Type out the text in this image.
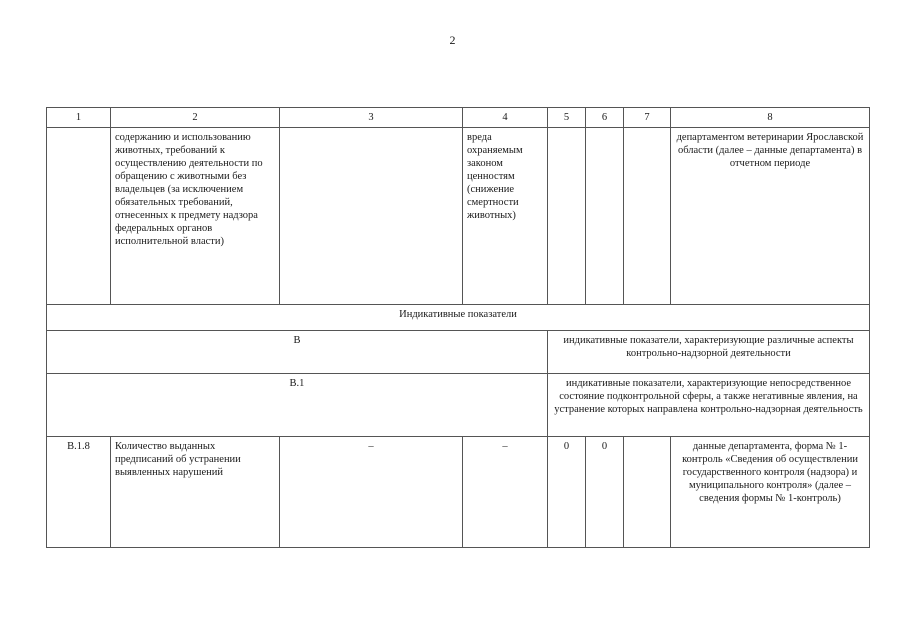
2
1	2	3	4	5	6	7	8
	содержанию и использованию животных, требований к осуществлению деятельности по обращению с животными без владельцев (за исключением обязательных требований, отнесенных к предмету надзора федеральных органов исполнительной власти)		вреда охраняемым законом ценностям (снижение смертности животных)				департаментом ветеринарии Ярославской области (далее – данные департамента) в отчетном периоде
Индикативные показатели							
В				индикативные показатели, характеризующие различные аспекты контрольно-надзорной деятельности			
В.1				индикативные показатели, характеризующие непосредственное состояние подконтрольной сферы, а также негативные явления, на устранение которых направлена контрольно-надзорная деятельность			
В.1.8	Количество выданных предписаний об устранении выявленных нарушений	–	–	0	0		данные департамента, форма № 1-контроль «Сведения об осуществлении государственного контроля (надзора) и муниципального контроля» (далее – сведения формы № 1-контроль)
